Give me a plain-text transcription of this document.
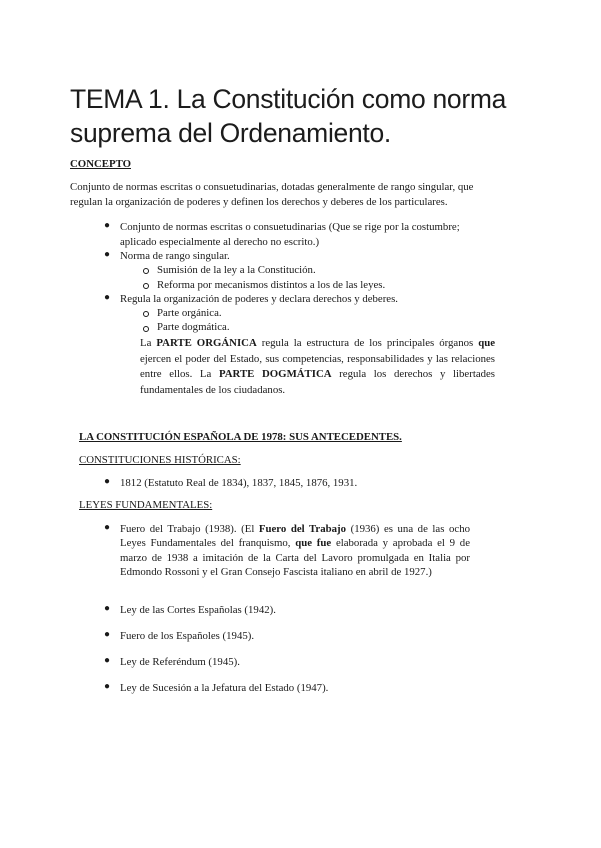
TEMA 1. La Constitución como norma
suprema del Ordenamiento.
CONCEPTO
Conjunto de normas escritas o consuetudinarias, dotadas generalmente de rango singular, que
regulan la organización de poderes y definen los derechos y deberes de los particulares.
● Conjunto de normas escritas o consuetudinarias (Que se rige por la costumbre;
aplicado especialmente al derecho no escrito.)
● Norma de rango singular.
Sumisión de la ley a la Constitución.
Reforma por mecanismos distintos a los de las leyes.
● Regula la organización de poderes y declara derechos y deberes.
Parte orgánica.
Parte dogmática.
La PARTE ORGÁNICA regula la estructura de los principales órganos que ejercen el poder del Estado, sus competencias, responsabilidades y las relaciones entre ellos. La PARTE DOGMÁTICA regula los derechos y libertades fundamentales de los ciudadanos.
LA CONSTITUCIÓN ESPAÑOLA DE 1978: SUS ANTECEDENTES.
CONSTITUCIONES HISTÓRICAS:
● 1812 (Estatuto Real de 1834), 1837, 1845, 1876, 1931.
LEYES FUNDAMENTALES:
● Fuero del Trabajo (1938). (El Fuero del Trabajo (1936) es una de las ocho Leyes Fundamentales del franquismo, que fue elaborada y aprobada el 9 de marzo de 1938 a imitación de la Carta del Lavoro promulgada en Italia por Edmondo Rossoni y el Gran Consejo Fascista italiano en abril de 1927.)
● Ley de las Cortes Españolas (1942).
● Fuero de los Españoles (1945).
● Ley de Referéndum (1945).
● Ley de Sucesión a la Jefatura del Estado (1947).
